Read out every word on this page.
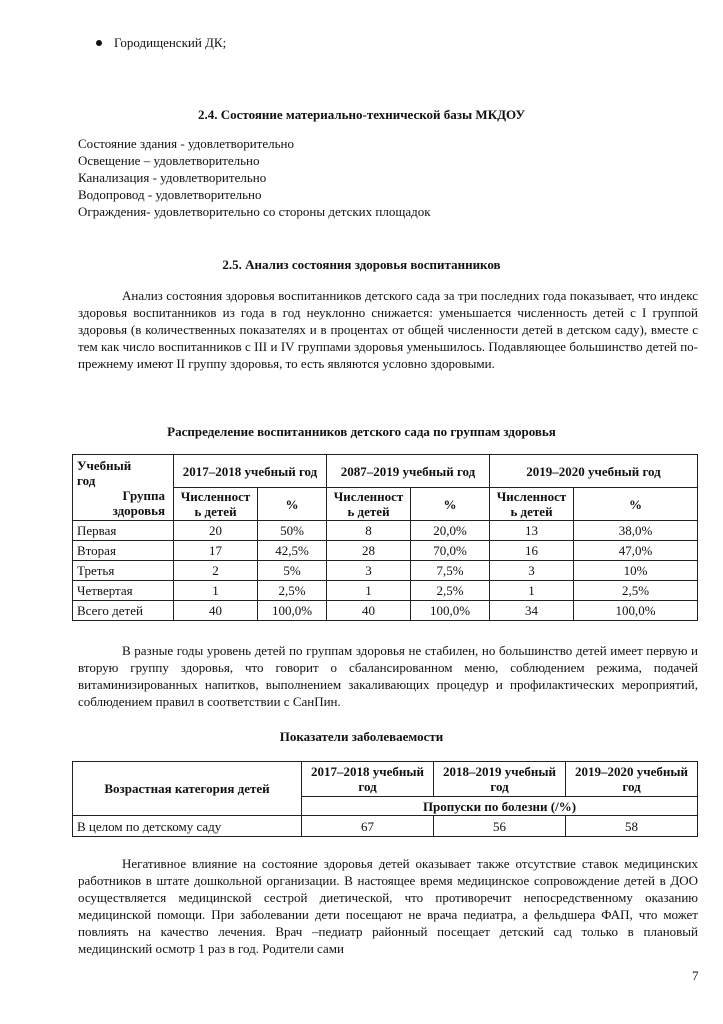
Городищенский ДК;
2.4. Состояние материально-технической базы МКДОУ
Состояние здания - удовлетворительно
Освещение – удовлетворительно
Канализация - удовлетворительно
Водопровод - удовлетворительно
Ограждения- удовлетворительно со стороны детских площадок
2.5. Анализ состояния здоровья воспитанников
Анализ состояния здоровья воспитанников детского сада за три последних года показывает, что индекс здоровья воспитанников из года в год неуклонно снижается: уменьшается численность детей с I группой здоровья (в количественных показателях и в процентах от общей численности детей в детском саду), вместе с тем как число воспитанников с III и IV группами здоровья уменьшилось. Подавляющее большинство детей по-прежнему имеют II группу здоровья, то есть являются условно здоровыми.
Распределение воспитанников детского сада по группам здоровья
Учебный год
Группа здоровья	2017–2018 учебный год		2087–2019 учебный год		2019–2020 учебный год	
	Численност ь детей	%	Численност ь детей	%	Численност ь детей	%
Первая	20	50%	8	20,0%	13	38,0%
Вторая	17	42,5%	28	70,0%	16	47,0%
Третья	2	5%	3	7,5%	3	10%
Четвертая	1	2,5%	1	2,5%	1	2,5%
Всего детей	40	100,0%	40	100,0%	34	100,0%
В разные годы уровень детей по группам здоровья не стабилен, но большинство детей имеет первую и вторую группу здоровья, что говорит о сбалансированном меню, соблюдением режима, подачей витаминизированных напитков, выполнением закаливающих процедур и профилактических мероприятий, соблюдением правил в соответствии с СанПин.
Показатели заболеваемости
Возрастная категория детей	2017–2018 учебный год	2018–2019 учебный год	2019–2020 учебный год
	Пропуски по болезни (/%)		
В целом по детскому саду	67	56	58
Негативное влияние на состояние здоровья детей оказывает также отсутствие ставок медицинских работников в штате дошкольной организации. В настоящее время медицинское сопровождение детей в ДОО осуществляется медицинской сестрой диетической, что противоречит непосредственному оказанию медицинской помощи. При заболевании дети посещают не врача педиатра, а фельдшера ФАП, что может повлиять на качество лечения. Врач –педиатр районный посещает детский сад только в плановый медицинский осмотр 1 раз в год. Родители сами
7
